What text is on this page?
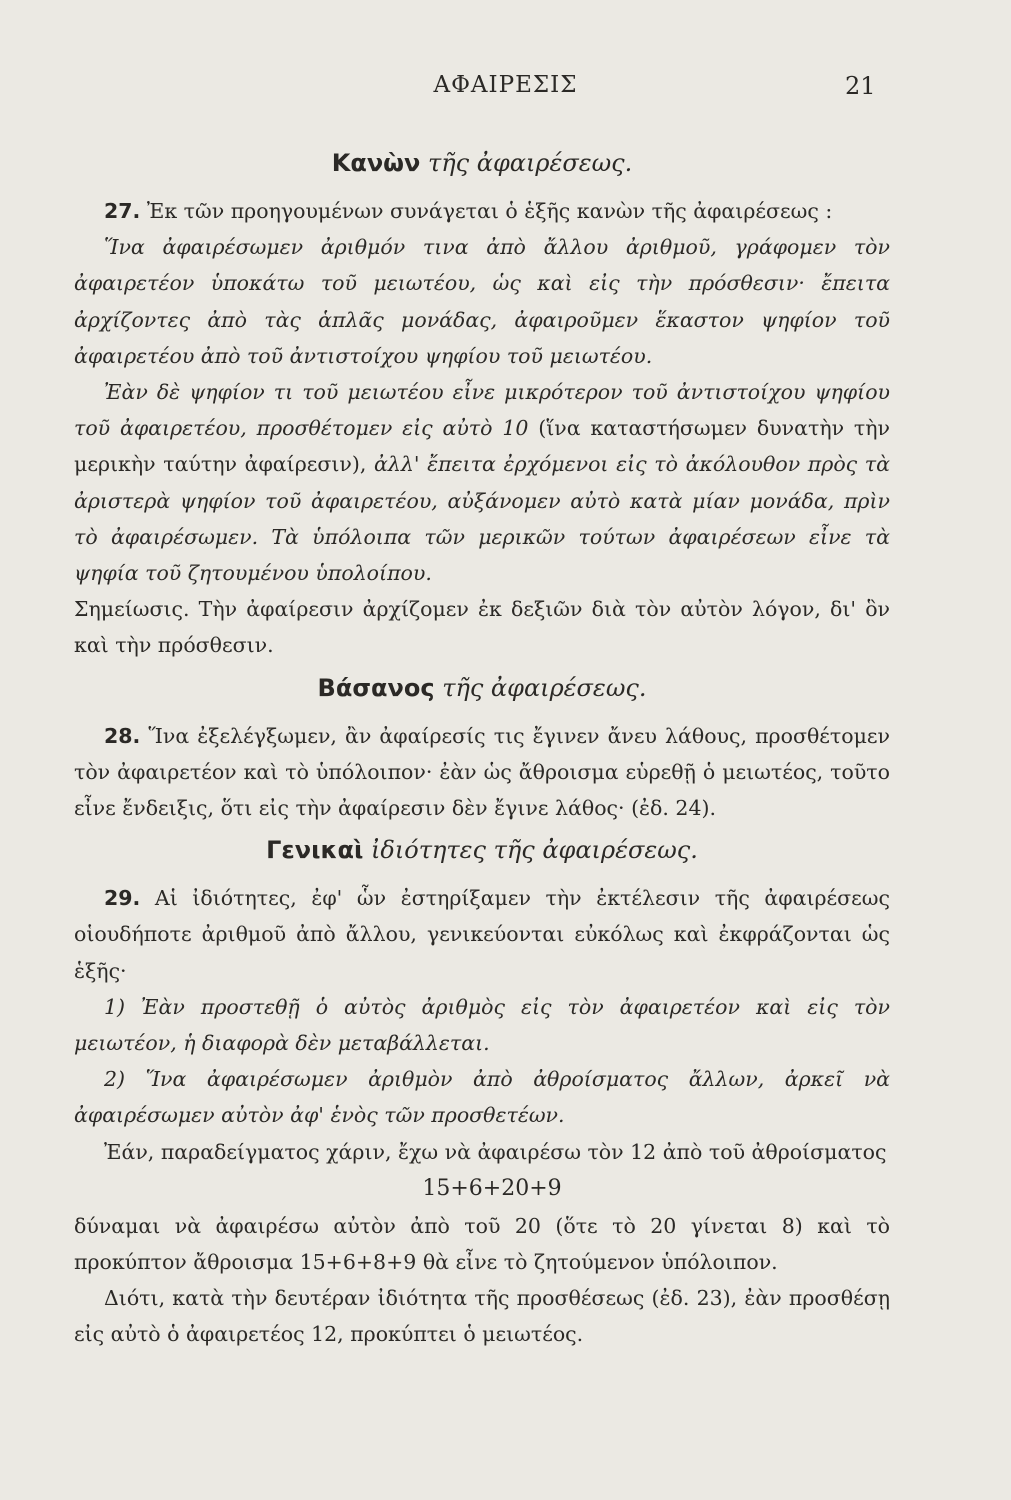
ΑΦΑΙΡΕΣΙΣ	21
Κανὼν τῆς ἀφαιρέσεως.

27. Ἐκ τῶν προηγουμένων συνάγεται ὁ ἑξῆς κανὼν τῆς ἀφαιρέσεως :

Ἵνα ἀφαιρέσωμεν ἀριθμόν τινα ἀπὸ ἄλλου ἀριθμοῦ, γράφομεν τὸν ἀφαιρετέον ὑποκάτω τοῦ μειωτέου, ὡς καὶ εἰς τὴν πρόσθεσιν· ἔπειτα ἀρχίζοντες ἀπὸ τὰς ἁπλᾶς μονάδας, ἀφαιροῦμεν ἕκαστον ψηφίον τοῦ ἀφαιρετέου ἀπὸ τοῦ ἀντιστοίχου ψηφίου τοῦ μειωτέου.

Ἐὰν δὲ ψηφίον τι τοῦ μειωτέου εἶνε μικρότερον τοῦ ἀντιστοίχου ψηφίου τοῦ ἀφαιρετέου, προσθέτομεν εἰς αὐτὸ 10 (ἵνα καταστήσωμεν δυνατὴν τὴν μερικὴν ταύτην ἀφαίρεσιν), ἀλλ' ἔπειτα ἐρχόμενοι εἰς τὸ ἀκόλουθον πρὸς τὰ ἀριστερὰ ψηφίον τοῦ ἀφαιρετέου, αὐξάνομεν αὐτὸ κατὰ μίαν μονάδα, πρὶν τὸ ἀφαιρέσωμεν. Τὰ ὑπόλοιπα τῶν μερικῶν τούτων ἀφαιρέσεων εἶνε τὰ ψηφία τοῦ ζητουμένου ὑπολοίπου.

Σημείωσις. Τὴν ἀφαίρεσιν ἀρχίζομεν ἐκ δεξιῶν διὰ τὸν αὐτὸν λόγον, δι' ὃν καὶ τὴν πρόσθεσιν.

Βάσανος τῆς ἀφαιρέσεως.

28. Ἵνα ἐξελέγξωμεν, ἂν ἀφαίρεσίς τις ἔγινεν ἄνευ λάθους, προσθέτομεν τὸν ἀφαιρετέον καὶ τὸ ὑπόλοιπον· ἐὰν ὡς ἄθροισμα εὑρεθῇ ὁ μειωτέος, τοῦτο εἶνε ἔνδειξις, ὅτι εἰς τὴν ἀφαίρεσιν δὲν ἔγινε λάθος· (ἐδ. 24).

Γενικαὶ ἰδιότητες τῆς ἀφαιρέσεως.

29. Αἱ ἰδιότητες, ἐφ' ὧν ἐστηρίξαμεν τὴν ἐκτέλεσιν τῆς ἀφαιρέσεως οἱουδήποτε ἀριθμοῦ ἀπὸ ἄλλου, γενικεύονται εὐκόλως καὶ ἐκφράζονται ὡς ἑξῆς·

1) Ἐὰν προστεθῇ ὁ αὐτὸς ἀριθμὸς εἰς τὸν ἀφαιρετέον καὶ εἰς τὸν μειωτέον, ἡ διαφορὰ δὲν μεταβάλλεται.

2) Ἵνα ἀφαιρέσωμεν ἀριθμὸν ἀπὸ ἀθροίσματος ἄλλων, ἀρκεῖ νὰ ἀφαιρέσωμεν αὐτὸν ἀφ' ἑνὸς τῶν προσθετέων.

Ἐάν, παραδείγματος χάριν, ἔχω νὰ ἀφαιρέσω τὸν 12 ἀπὸ τοῦ ἀθροίσματος

15+6+20+9

δύναμαι νὰ ἀφαιρέσω αὐτὸν ἀπὸ τοῦ 20 (ὅτε τὸ 20 γίνεται 8) καὶ τὸ προκύπτον ἄθροισμα 15+6+8+9 θὰ εἶνε τὸ ζητούμενον ὑπόλοιπον.

Διότι, κατὰ τὴν δευτέραν ἰδιότητα τῆς προσθέσεως (ἐδ. 23), ἐὰν προσθέσῃ εἰς αὐτὸ ὁ ἀφαιρετέος 12, προκύπτει ὁ μειωτέος.
